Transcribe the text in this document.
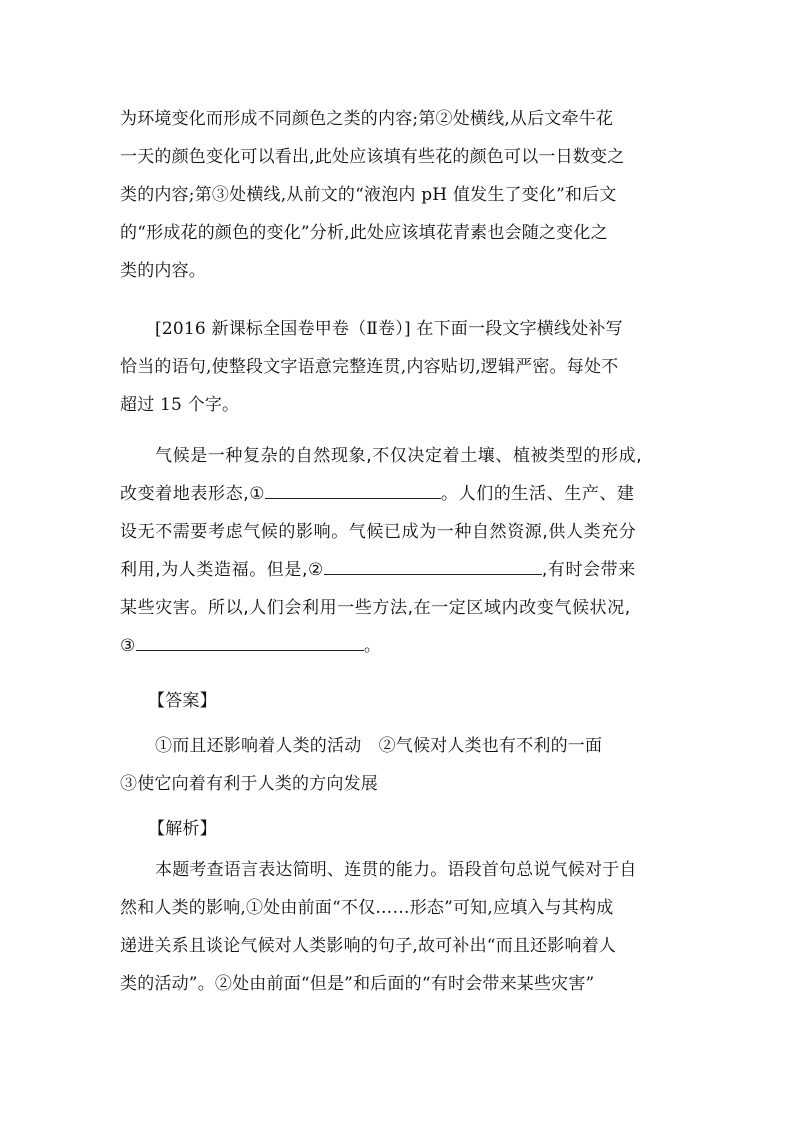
为环境变化而形成不同颜色之类的内容;第②处横线,从后文牵牛花
一天的颜色变化可以看出,此处应该填有些花的颜色可以一日数变之
类的内容;第③处横线,从前文的“液泡内 pH 值发生了变化”和后文
的“形成花的颜色的变化”分析,此处应该填花青素也会随之变化之
类的内容。
[2016 新课标全国卷甲卷（Ⅱ卷）] 在下面一段文字横线处补写
恰当的语句,使整段文字语意完整连贯,内容贴切,逻辑严密。每处不
超过 15 个字。
气候是一种复杂的自然现象,不仅决定着土壤、植被类型的形成,
改变着地表形态,①	。人们的生活、生产、建
设无不需要考虑气候的影响。气候已成为一种自然资源,供人类充分
利用,为人类造福。但是,②	,有时会带来
某些灾害。所以,人们会利用一些方法,在一定区域内改变气候状况,
③	。
【答案】
①而且还影响着人类的活动　②气候对人类也有不利的一面
③使它向着有利于人类的方向发展
【解析】
本题考查语言表达简明、连贯的能力。语段首句总说气候对于自
然和人类的影响,①处由前面“不仅……形态”可知,应填入与其构成
递进关系且谈论气候对人类影响的句子,故可补出“而且还影响着人
类的活动”。②处由前面“但是”和后面的“有时会带来某些灾害”
